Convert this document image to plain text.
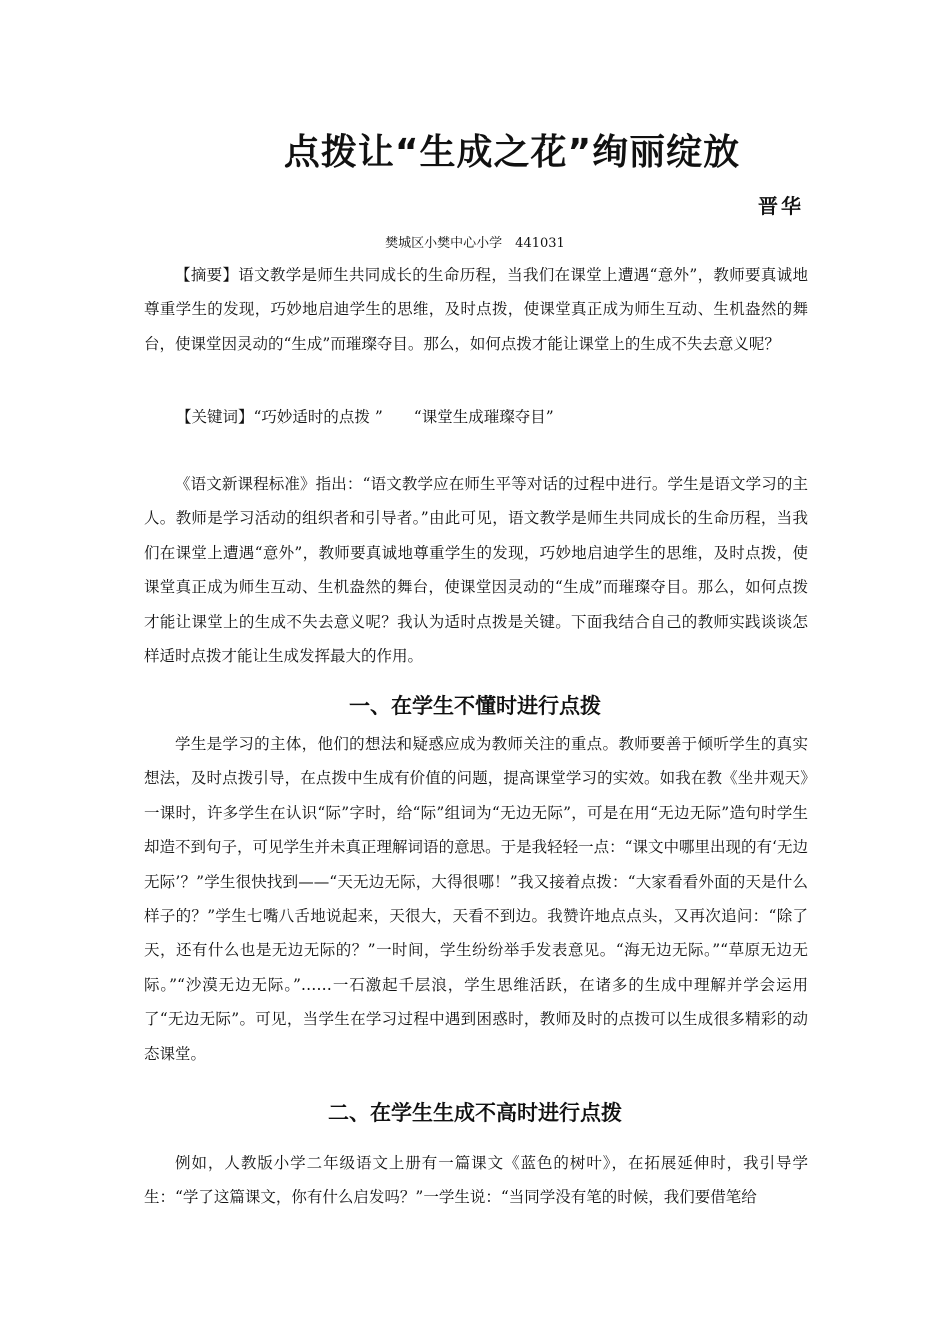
点拨让“生成之花”绚丽绽放
晋华
樊城区小樊中心小学　441031

【摘要】语文教学是师生共同成长的生命历程，当我们在课堂上遭遇“意外”，教师要真诚地尊重学生的发现，巧妙地启迪学生的思维，及时点拨，使课堂真正成为师生互动、生机盎然的舞台，使课堂因灵动的“生成”而璀璨夺目。那么，如何点拨才能让课堂上的生成不失去意义呢？

【关键词】“巧妙适时的点拨 ”　　“课堂生成璀璨夺目”

《语文新课程标准》指出：“语文教学应在师生平等对话的过程中进行。学生是语文学习的主人。教师是学习活动的组织者和引导者。”由此可见，语文教学是师生共同成长的生命历程，当我们在课堂上遭遇“意外”，教师要真诚地尊重学生的发现，巧妙地启迪学生的思维，及时点拨，使课堂真正成为师生互动、生机盎然的舞台，使课堂因灵动的“生成”而璀璨夺目。那么，如何点拨才能让课堂上的生成不失去意义呢？我认为适时点拨是关键。下面我结合自己的教师实践谈谈怎样适时点拨才能让生成发挥最大的作用。

一、在学生不懂时进行点拨

学生是学习的主体，他们的想法和疑惑应成为教师关注的重点。教师要善于倾听学生的真实想法，及时点拨引导，在点拨中生成有价值的问题，提高课堂学习的实效。如我在教《坐井观天》一课时，许多学生在认识“际”字时，给“际”组词为“无边无际”，可是在用“无边无际”造句时学生却造不到句子，可见学生并未真正理解词语的意思。于是我轻轻一点：“课文中哪里出现的有‘无边无际’？”学生很快找到——“天无边无际，大得很哪！”我又接着点拨：“大家看看外面的天是什么样子的？”学生七嘴八舌地说起来，天很大，天看不到边。我赞许地点点头，又再次追问：“除了天，还有什么也是无边无际的？”一时间，学生纷纷举手发表意见。“海无边无际。”“草原无边无际。”“沙漠无边无际。”……一石激起千层浪，学生思维活跃，在诸多的生成中理解并学会运用了“无边无际”。可见，当学生在学习过程中遇到困惑时，教师及时的点拨可以生成很多精彩的动态课堂。

二、在学生生成不高时进行点拨

例如，人教版小学二年级语文上册有一篇课文《蓝色的树叶》，在拓展延伸时，我引导学生：“学了这篇课文，你有什么启发吗？”一学生说：“当同学没有笔的时候，我们要借笔给
